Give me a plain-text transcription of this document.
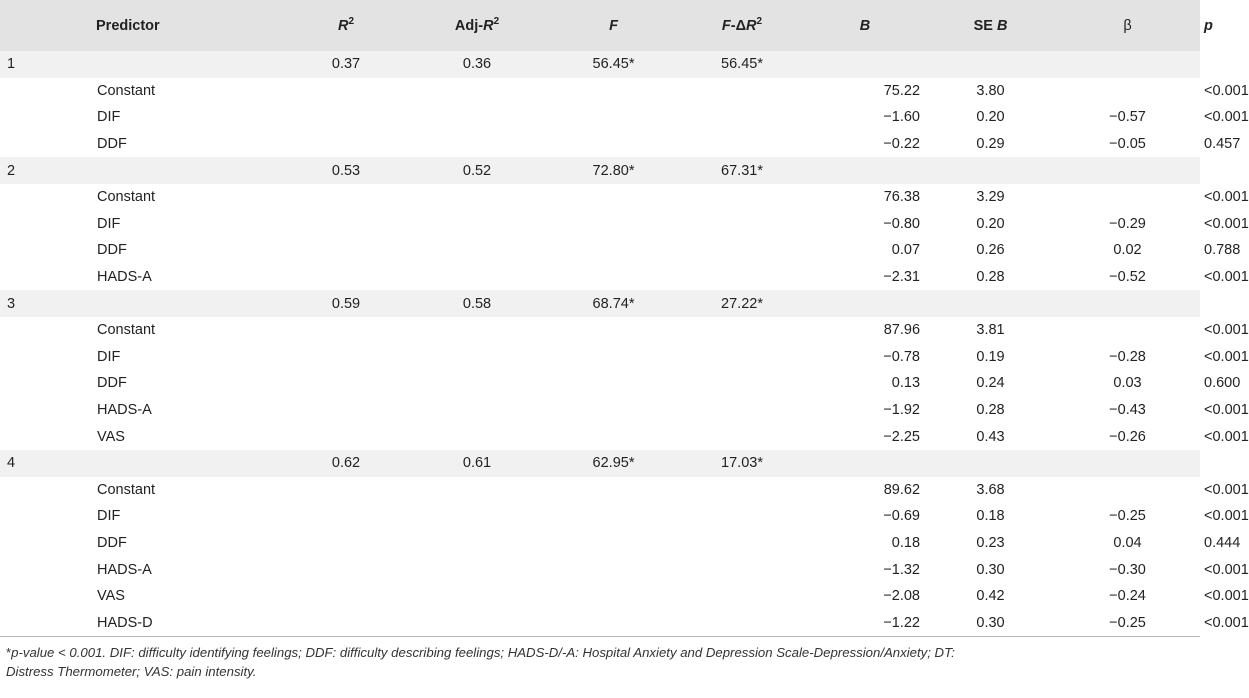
	Predictor	$R^2$	Adj-$R^2$	F	$F-\Delta R^2$	B	SE B	β	p
1		0.37	0.36	56.45*	56.45*				
	Constant					75.22	3.80		<0.001
	DIF					−1.60	0.20	−0.57	<0.001
	DDF					−0.22	0.29	−0.05	0.457
2		0.53	0.52	72.80*	67.31*				
	Constant					76.38	3.29		<0.001
	DIF					−0.80	0.20	−0.29	<0.001
	DDF					0.07	0.26	0.02	0.788
	HADS-A					−2.31	0.28	−0.52	<0.001
3		0.59	0.58	68.74*	27.22*				
	Constant					87.96	3.81		<0.001
	DIF					−0.78	0.19	−0.28	<0.001
	DDF					0.13	0.24	0.03	0.600
	HADS-A					−1.92	0.28	−0.43	<0.001
	VAS					−2.25	0.43	−0.26	<0.001
4		0.62	0.61	62.95*	17.03*				
	Constant					89.62	3.68		<0.001
	DIF					−0.69	0.18	−0.25	<0.001
	DDF					0.18	0.23	0.04	0.444
	HADS-A					−1.32	0.30	−0.30	<0.001
	VAS					−2.08	0.42	−0.24	<0.001
	HADS-D					−1.22	0.30	−0.25	<0.001
*p-value < 0.001. DIF: difficulty identifying feelings; DDF: difficulty describing feelings; HADS-D/-A: Hospital Anxiety and Depression Scale-Depression/Anxiety; DT:
Distress Thermometer; VAS: pain intensity.
